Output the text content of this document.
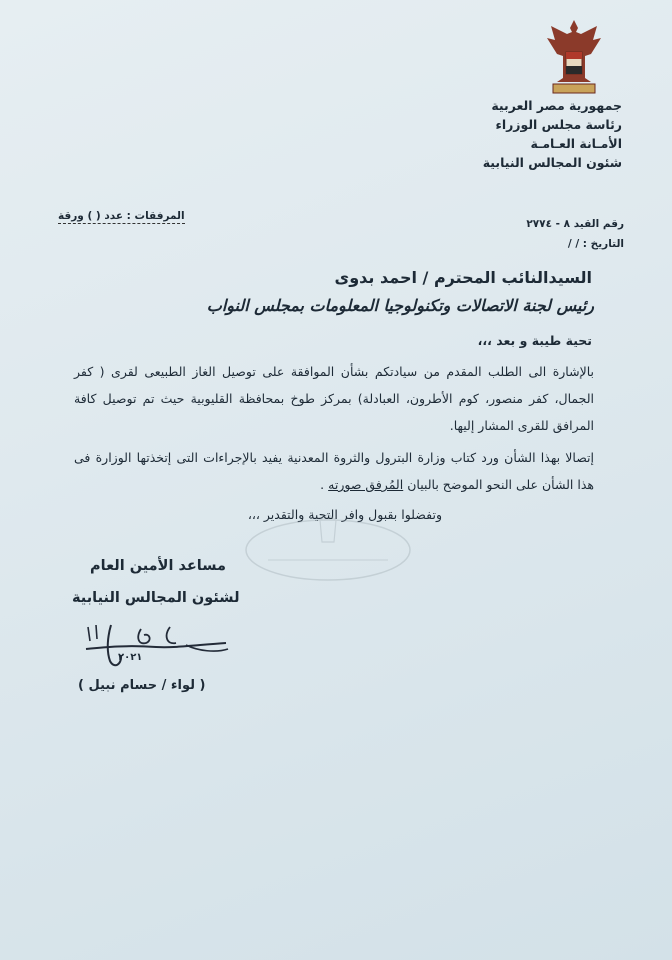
جمهورية مصر العربية
رئاسة مجلس الوزراء
الأمـانة العـامـة
شئون المجالس النيابية
المرفقات : عدد ( ) ورقة
رقم القيد ٨ - ٢٧٧٤
التاريخ : / /
السيدالنائب المحترم / احمد بدوى
رئيس لجنة الاتصالات وتكنولوجيا المعلومات بمجلس النواب
تحية طيبة و بعد ،،،
بالإشارة الى الطلب المقدم من سيادتكم بشأن الموافقة على توصيل الغاز الطبيعى لقرى ( كفر الجمال، كفر منصور، كوم الأطرون، العبادلة) بمركز طوخ بمحافظة القليوبية حيث تم توصيل كافة المرافق للقرى المشار إليها.
إتصالا بهذا الشأن ورد كتاب وزارة البترول والثروة المعدنية يفيد بالإجراءات التى إتخذتها الوزارة فى هذا الشأن على النحو الموضح بالبيان المُرفق صورته .
وتفضلوا بقبول وافر التحية والتقدير ،،،
مساعد الأمين العام
لشئون المجالس النيابية
٢٠٢١
( لواء / حسام نبيل )
